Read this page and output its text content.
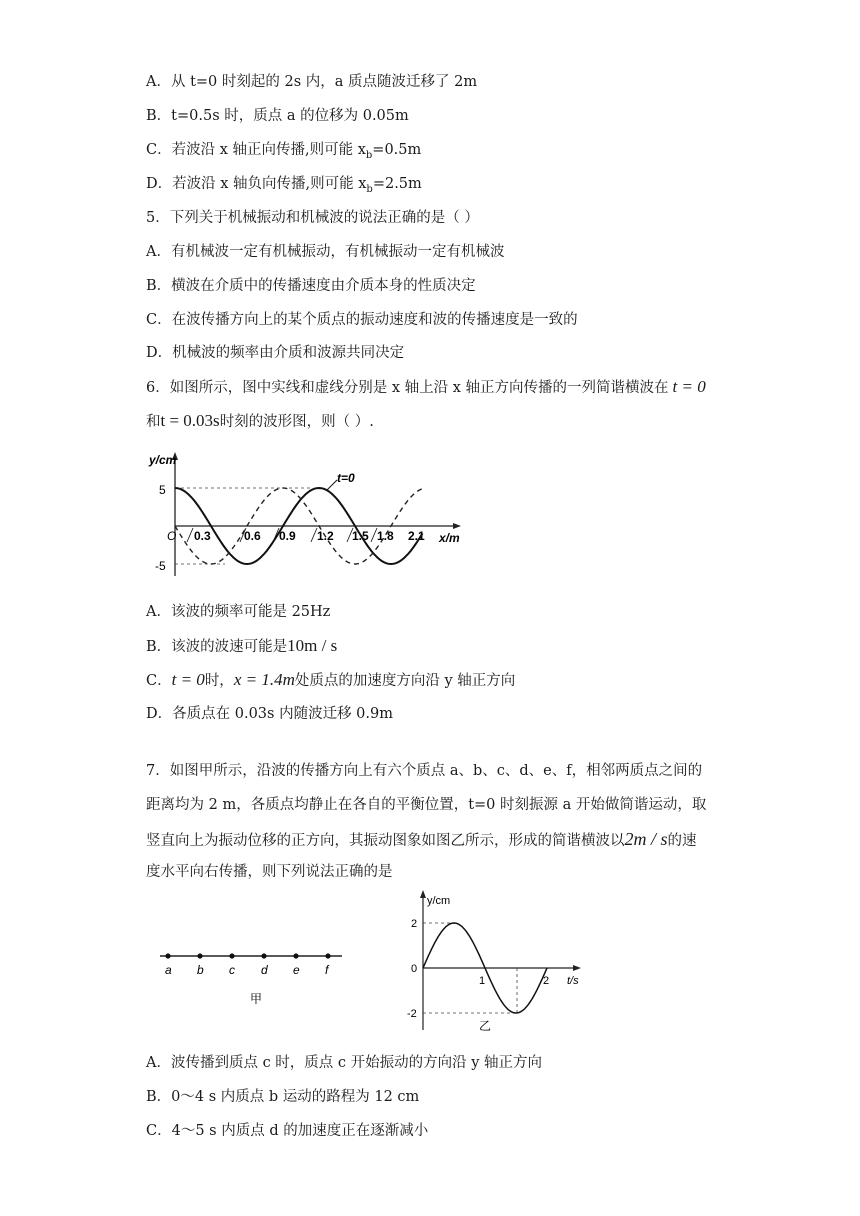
A．从 t=0 时刻起的 2s 内，a 质点随波迁移了 2m
B．t=0.5s 时，质点 a 的位移为 0.05m
C．若波沿 x 轴正向传播,则可能 $x_b=0.5m$
D．若波沿 x 轴负向传播,则可能 $x_b=2.5m$
5．下列关于机械振动和机械波的说法正确的是（ ）
A．有机械波一定有机械振动，有机械振动一定有机械波
B．横波在介质中的传播速度由介质本身的性质决定
C．在波传播方向上的某个质点的振动速度和波的传播速度是一致的
D．机械波的频率由介质和波源共同决定
6．如图所示，图中实线和虚线分别是 x 轴上沿 x 轴正方向传播的一列简谐横波在 t = 0
和t = 0.03s时刻的波形图，则（ ）.
y/cm
x/m
O
5
-5
0.3	0.6 0.9 1.2 1.5 1.8 2.1
t=0
A．该波的频率可能是 25Hz
B．该波的波速可能是10m / s
C．t = 0时，x = 1.4m处质点的加速度方向沿 y 轴正方向
D．各质点在 0.03s 内随波迁移 0.9m
7．如图甲所示，沿波的传播方向上有六个质点 a、b、c、d、e、f，相邻两质点之间的
距离均为 2 m，各质点均静止在各自的平衡位置，t=0 时刻振源 a 开始做简谐运动，取
竖直向上为振动位移的正方向，其振动图象如图乙所示，形成的简谐横波以2m / s的速
度水平向右传播，则下列说法正确的是
a b c d e f
甲
y/cm
t/s
2
0
-2
1	2
乙
A．波传播到质点 c 时，质点 c 开始振动的方向沿 y 轴正方向
B．0～4 s 内质点 b 运动的路程为 12 cm
C．4～5 s 内质点 d 的加速度正在逐渐减小
